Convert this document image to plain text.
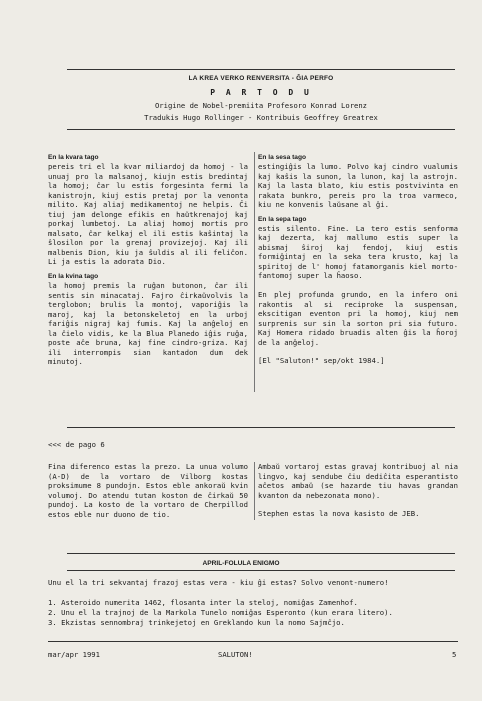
LA KREA VERKO RENVERSITA - ĜIA PERFO
P A R T O D U
Origine de Nobel-premiita Profesoro Konrad Lorenz
Tradukis Hugo Rollinger - Kontribuis Geoffrey Greatrex
En la kvara tago

pereis tri el la kvar miliardoj da homoj - la unuaj pro la malsanoj, kiujn estis bredintaj la homoj; ĉar lu estis forgesinta fermi la kanistrojn, kiuj estis pretaj por la venonta milito. Kaj aliaj medikamentoj ne helpis. Ĉi tiuj jam delonge efikis en haŭtkrenajoj kaj porkaj lumbetoj. La aliaj homoj mortis pro malsato, ĉar kelkaj el ili estis kaŝintaj la ŝlosilon por la grenaj provizejoj. Kaj ili malbenis Dion, kiu ja ŝuldis al ili feliĉon. Li ja estis la adorata Dio.

En la kvina tago

la homoj premis la ruĝan butonon, ĉar ili sentis sin minacataj. Fajro ĉirkaŭvolvis la terglobon; brulis la montoj, vaporiĝis la maroj, kaj la betonskeletoj en la urboj fariĝis nigraj kaj fumis. Kaj la anĝeloj en la ĉielo vidis, ke la Blua Planedo iĝis ruĝa, poste aĉe bruna, kaj fine cindro-griza. Kaj ili interrompis sian kantadon dum dek minutoj.

En la sesa tago

estingiĝis la lumo. Polvo kaj cindro vualumis kaj kaŝis la sunon, la lunon, kaj la astrojn. Kaj la lasta blato, kiu estis postvivinta en rakata bunkro, pereis pro la troa varmeco, kiu ne konvenis laŭsane al ĝi.

En la sepa tago

estis silento. Fine. La tero estis senforma kaj dezerta, kaj mallumo estis super la abismaj ŝiroj kaj fendoj, kiuj estis formiĝintaj en la seka tera krusto, kaj la spiritoj de l' homoj fatamorganis kiel morto-fantomoj super la ĥaoso.

En plej profunda grundo, en la infero oni rakontis al si reciproke la suspensan, ekscitigan eventon pri la homoj, kiuj nem surprenis sur sin la sorton pri sia futuro. Kaj Homera ridado bruadis alten ĝis la ĥoroj de la anĝeloj.

[El "Saluton!" sep/okt 1984.]

<<< de pago 6

Fina diferenco estas la prezo. La unua volumo (A-D) de la vortaro de Vilborg kostas proksimume 8 pundojn. Estos eble ankoraŭ kvin volumoj. Do atendu tutan koston de ĉirkaŭ 50 pundoj. La kosto de la vortaro de Cherpillod estos eble nur duono de tio.

Ambaŭ vortaroj estas gravaj kontribuoj al nia lingvo, kaj sendube ĉiu dediĉita esperantisto aĉetos ambaŭ (se hazarde tiu havas grandan kvanton da nebezonata mono).

Stephen estas la nova kasisto de JEB.

APRIL-FOLULA ENIGMO
Unu el la tri sekvantaj frazoj estas vera - kiu ĝi estas? Solvo venont-numero!
1. Asteroido numerita 1462, flosanta inter la steloj, nomiĝas Zamenhof.
2. Unu el la trajnoj de la Markola Tunelo nomiĝas Esperonto (kun erara litero).
3. Ekzistas sennombraj trinkejetoj en Greklando kun la nomo Sajmĉjo.
mar/apr 1991	SALUTON!	5
